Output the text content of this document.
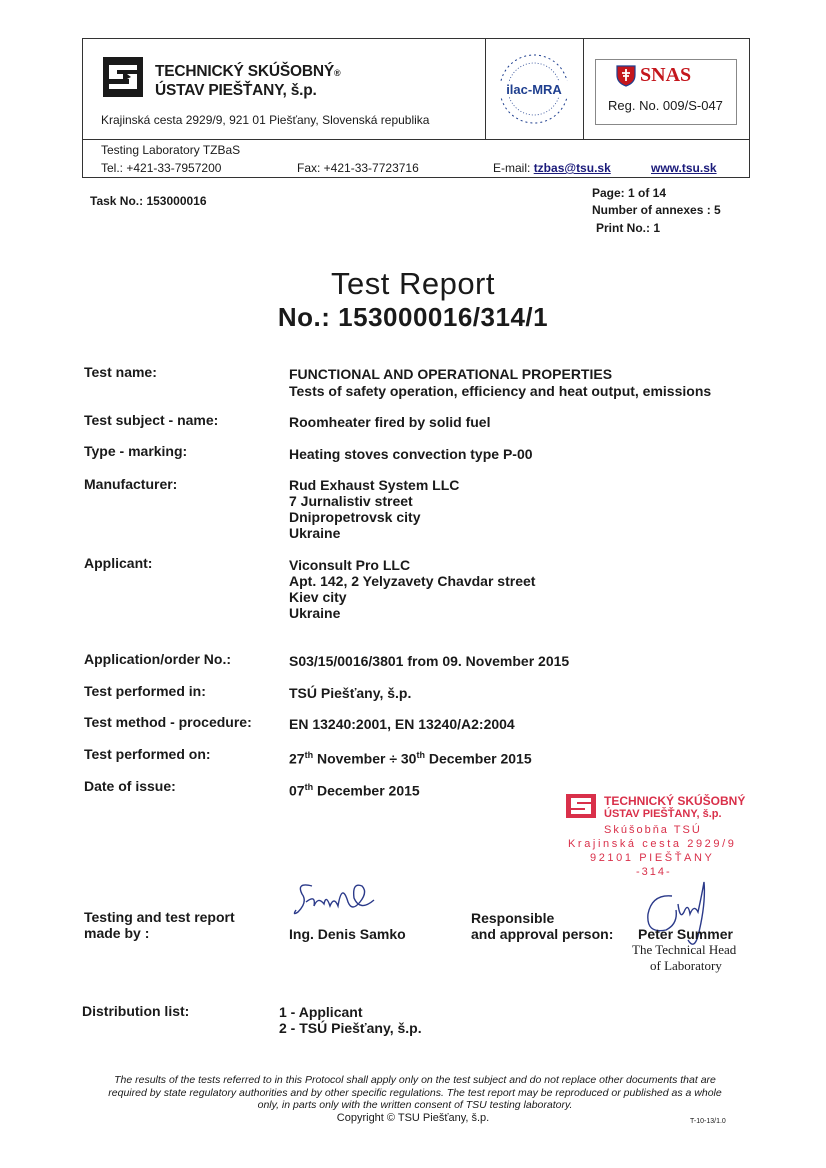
TECHNICKÝ SKÚŠOBNÝ®
ÚSTAV PIEŠŤANY, š.p.
Krajinská cesta 2929/9, 921 01 Piešťany, Slovenská republika
ilac-MRA
SNAS
Reg. No. 009/S-047
Testing Laboratory TZBaS
Tel.: +421-33-7957200	Fax: +421-33-7723716	E-mail: tzbas@tsu.sk	www.tsu.sk
Task No.: 153000016
Page: 1 of 14
Number of annexes : 5
Print No.: 1
Test Report
No.: 153000016/314/1
Test name:	FUNCTIONAL AND OPERATIONAL PROPERTIES
Tests of safety operation, efficiency and heat output, emissions
Test subject - name:	Roomheater fired by solid fuel
Type - marking:	Heating stoves convection type P-00
Manufacturer:	Rud Exhaust System LLC
7 Jurnalistiv street
Dnipropetrovsk city
Ukraine
Applicant:	Viconsult Pro LLC
Apt. 142, 2 Yelyzavety Chavdar street
Kiev city
Ukraine
Application/order No.:	S03/15/0016/3801 from 09. November 2015
Test performed in:	TSÚ Piešťany, š.p.
Test method - procedure:	EN 13240:2001, EN 13240/A2:2004
Test performed on:	27th November ÷ 30th December 2015
Date of issue:	07th December 2015
TECHNICKÝ SKÚŠOBNÝ
ÚSTAV PIEŠŤANY, š.p.
Skúšobňa TSÚ
Krajinská cesta 2929/9
92101 PIEŠŤANY
-314-
Testing and test report
made by :	Ing. Denis Samko
Responsible
and approval person: Peter Summer
The Technical Head
of Laboratory
Distribution list:	1 - Applicant
2 - TSÚ Piešťany, š.p.
The results of the tests referred to in this Protocol shall apply only on the test subject and do not replace other documents that are
required by state regulatory authorities and by other specific regulations. The test report may be reproduced or published as a whole
only, in parts only with the written consent of TSU testing laboratory.
Copyright © TSU Piešťany, š.p.	T-10-13/1.0
